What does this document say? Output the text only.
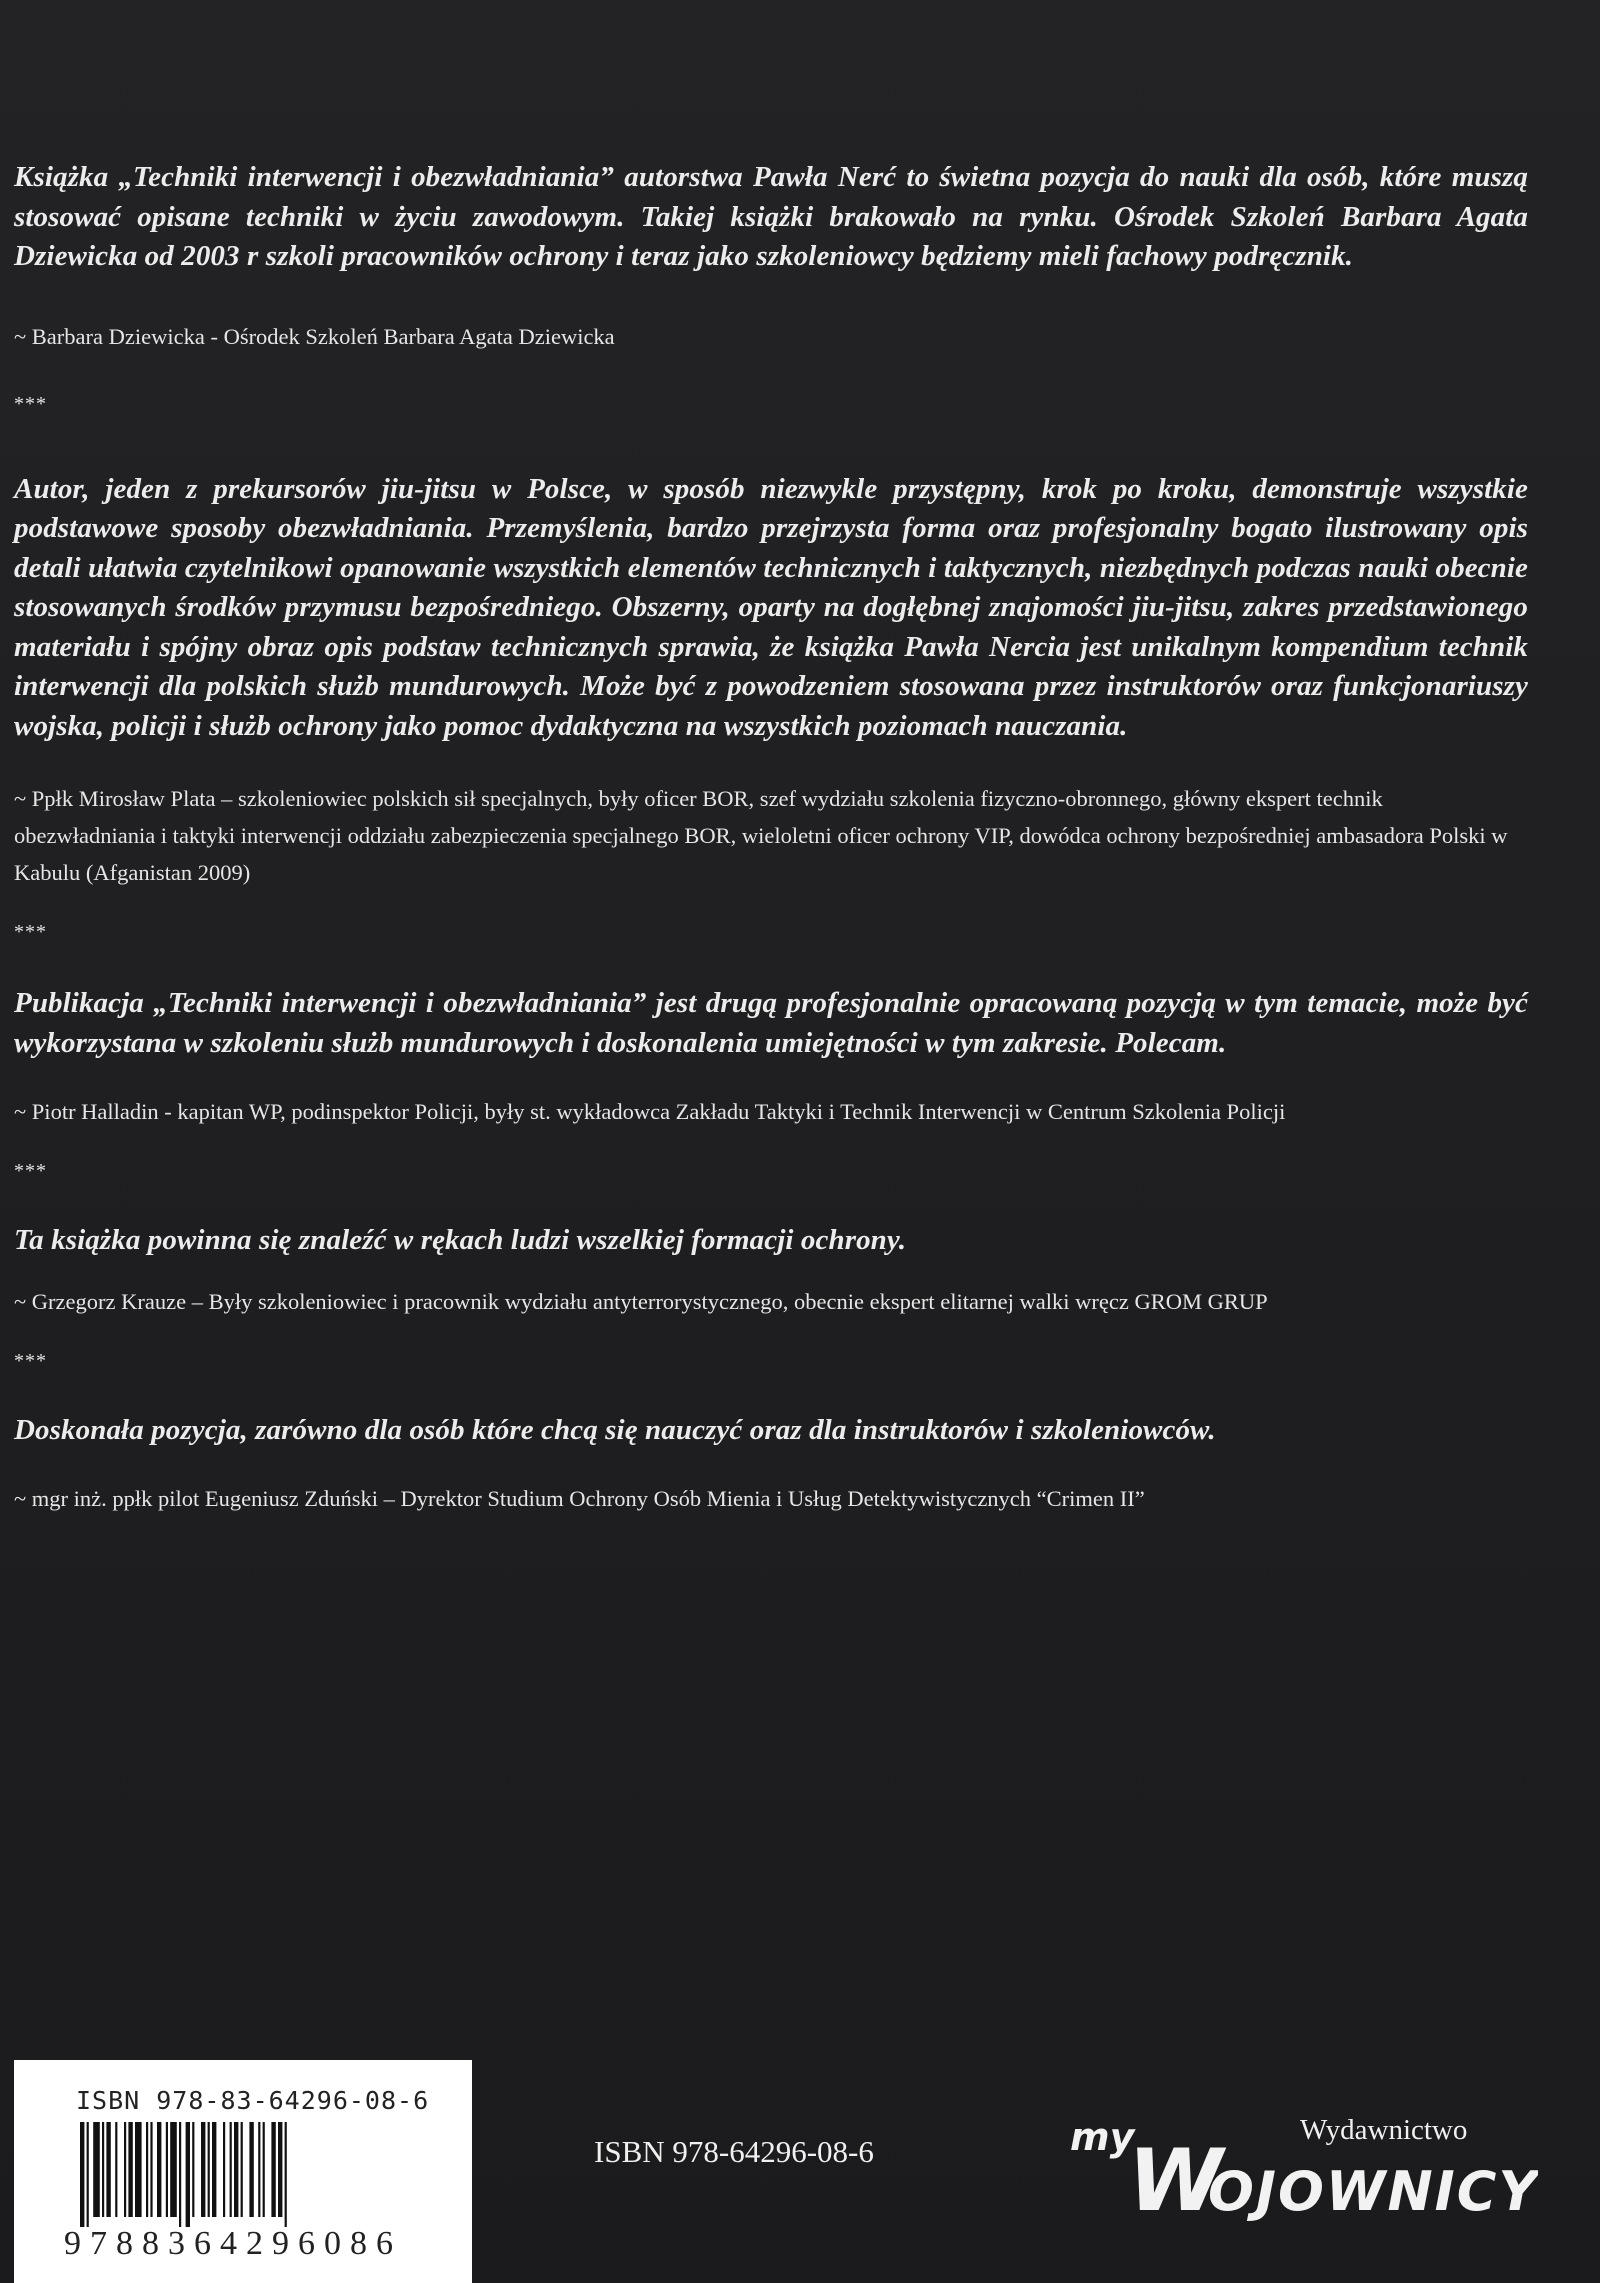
Książka „Techniki interwencji i obezwładniania” autorstwa Pawła Nerć to świetna pozycja do nauki dla osób, które muszą stosować opisane techniki w życiu zawodowym. Takiej książki brakowało na rynku. Ośrodek Szkoleń Barbara Agata Dziewicka od 2003 r szkoli pracowników ochrony i teraz jako szkoleniowcy będziemy mieli fachowy podręcznik.

~ Barbara Dziewicka - Ośrodek Szkoleń Barbara Agata Dziewicka

***

Autor, jeden z prekursorów jiu-jitsu w Polsce, w sposób niezwykle przystępny, krok po kroku, demonstruje wszystkie podstawowe sposoby obezwładniania. Przemyślenia, bardzo przejrzysta forma oraz profesjonalny bogato ilustrowany opis detali ułatwia czytelnikowi opanowanie wszystkich elementów technicznych i taktycznych, niezbędnych podczas nauki obecnie stosowanych środków przymusu bezpośredniego. Obszerny, oparty na dogłębnej znajomości jiu-jitsu, zakres przedstawionego materiału i spójny obraz opis podstaw technicznych sprawia, że książka Pawła Nercia jest unikalnym kompendium technik interwencji dla polskich służb mundurowych. Może być z powodzeniem stosowana przez instruktorów oraz funkcjonariuszy wojska, policji i służb ochrony jako pomoc dydaktyczna na wszystkich poziomach nauczania.

~ Ppłk Mirosław Plata – szkoleniowiec polskich sił specjalnych, były oficer BOR, szef wydziału szkolenia fizyczno-obronnego, główny ekspert technik obezwładniania i taktyki interwencji oddziału zabezpieczenia specjalnego BOR, wieloletni oficer ochrony VIP, dowódca ochrony bezpośredniej ambasadora Polski w Kabulu (Afganistan 2009)

***

Publikacja „Techniki interwencji i obezwładniania” jest drugą profesjonalnie opracowaną pozycją w tym temacie, może być wykorzystana w szkoleniu służb mundurowych i doskonalenia umiejętności w tym zakresie. Polecam.

~ Piotr Halladin - kapitan WP, podinspektor Policji, były st. wykładowca Zakładu Taktyki i Technik Interwencji w Centrum Szkolenia Policji

***

Ta książka powinna się znaleźć w rękach ludzi wszelkiej formacji ochrony.

~ Grzegorz Krauze – Były szkoleniowiec i pracownik wydziału antyterrorystycznego, obecnie ekspert elitarnej walki wręcz GROM GRUP

***

Doskonała pozycja, zarówno dla osób które chcą się nauczyć oraz dla instruktorów i szkoleniowców.

~ mgr inż. ppłk pilot Eugeniusz Zduński – Dyrektor Studium Ochrony Osób Mienia i Usług Detektywistycznych “Crimen II”

ISBN 978-83-64296-08-6
9788364296086
ISBN 978-64296-08-6	my
W
OJOWNICY
Wydawnictwo
